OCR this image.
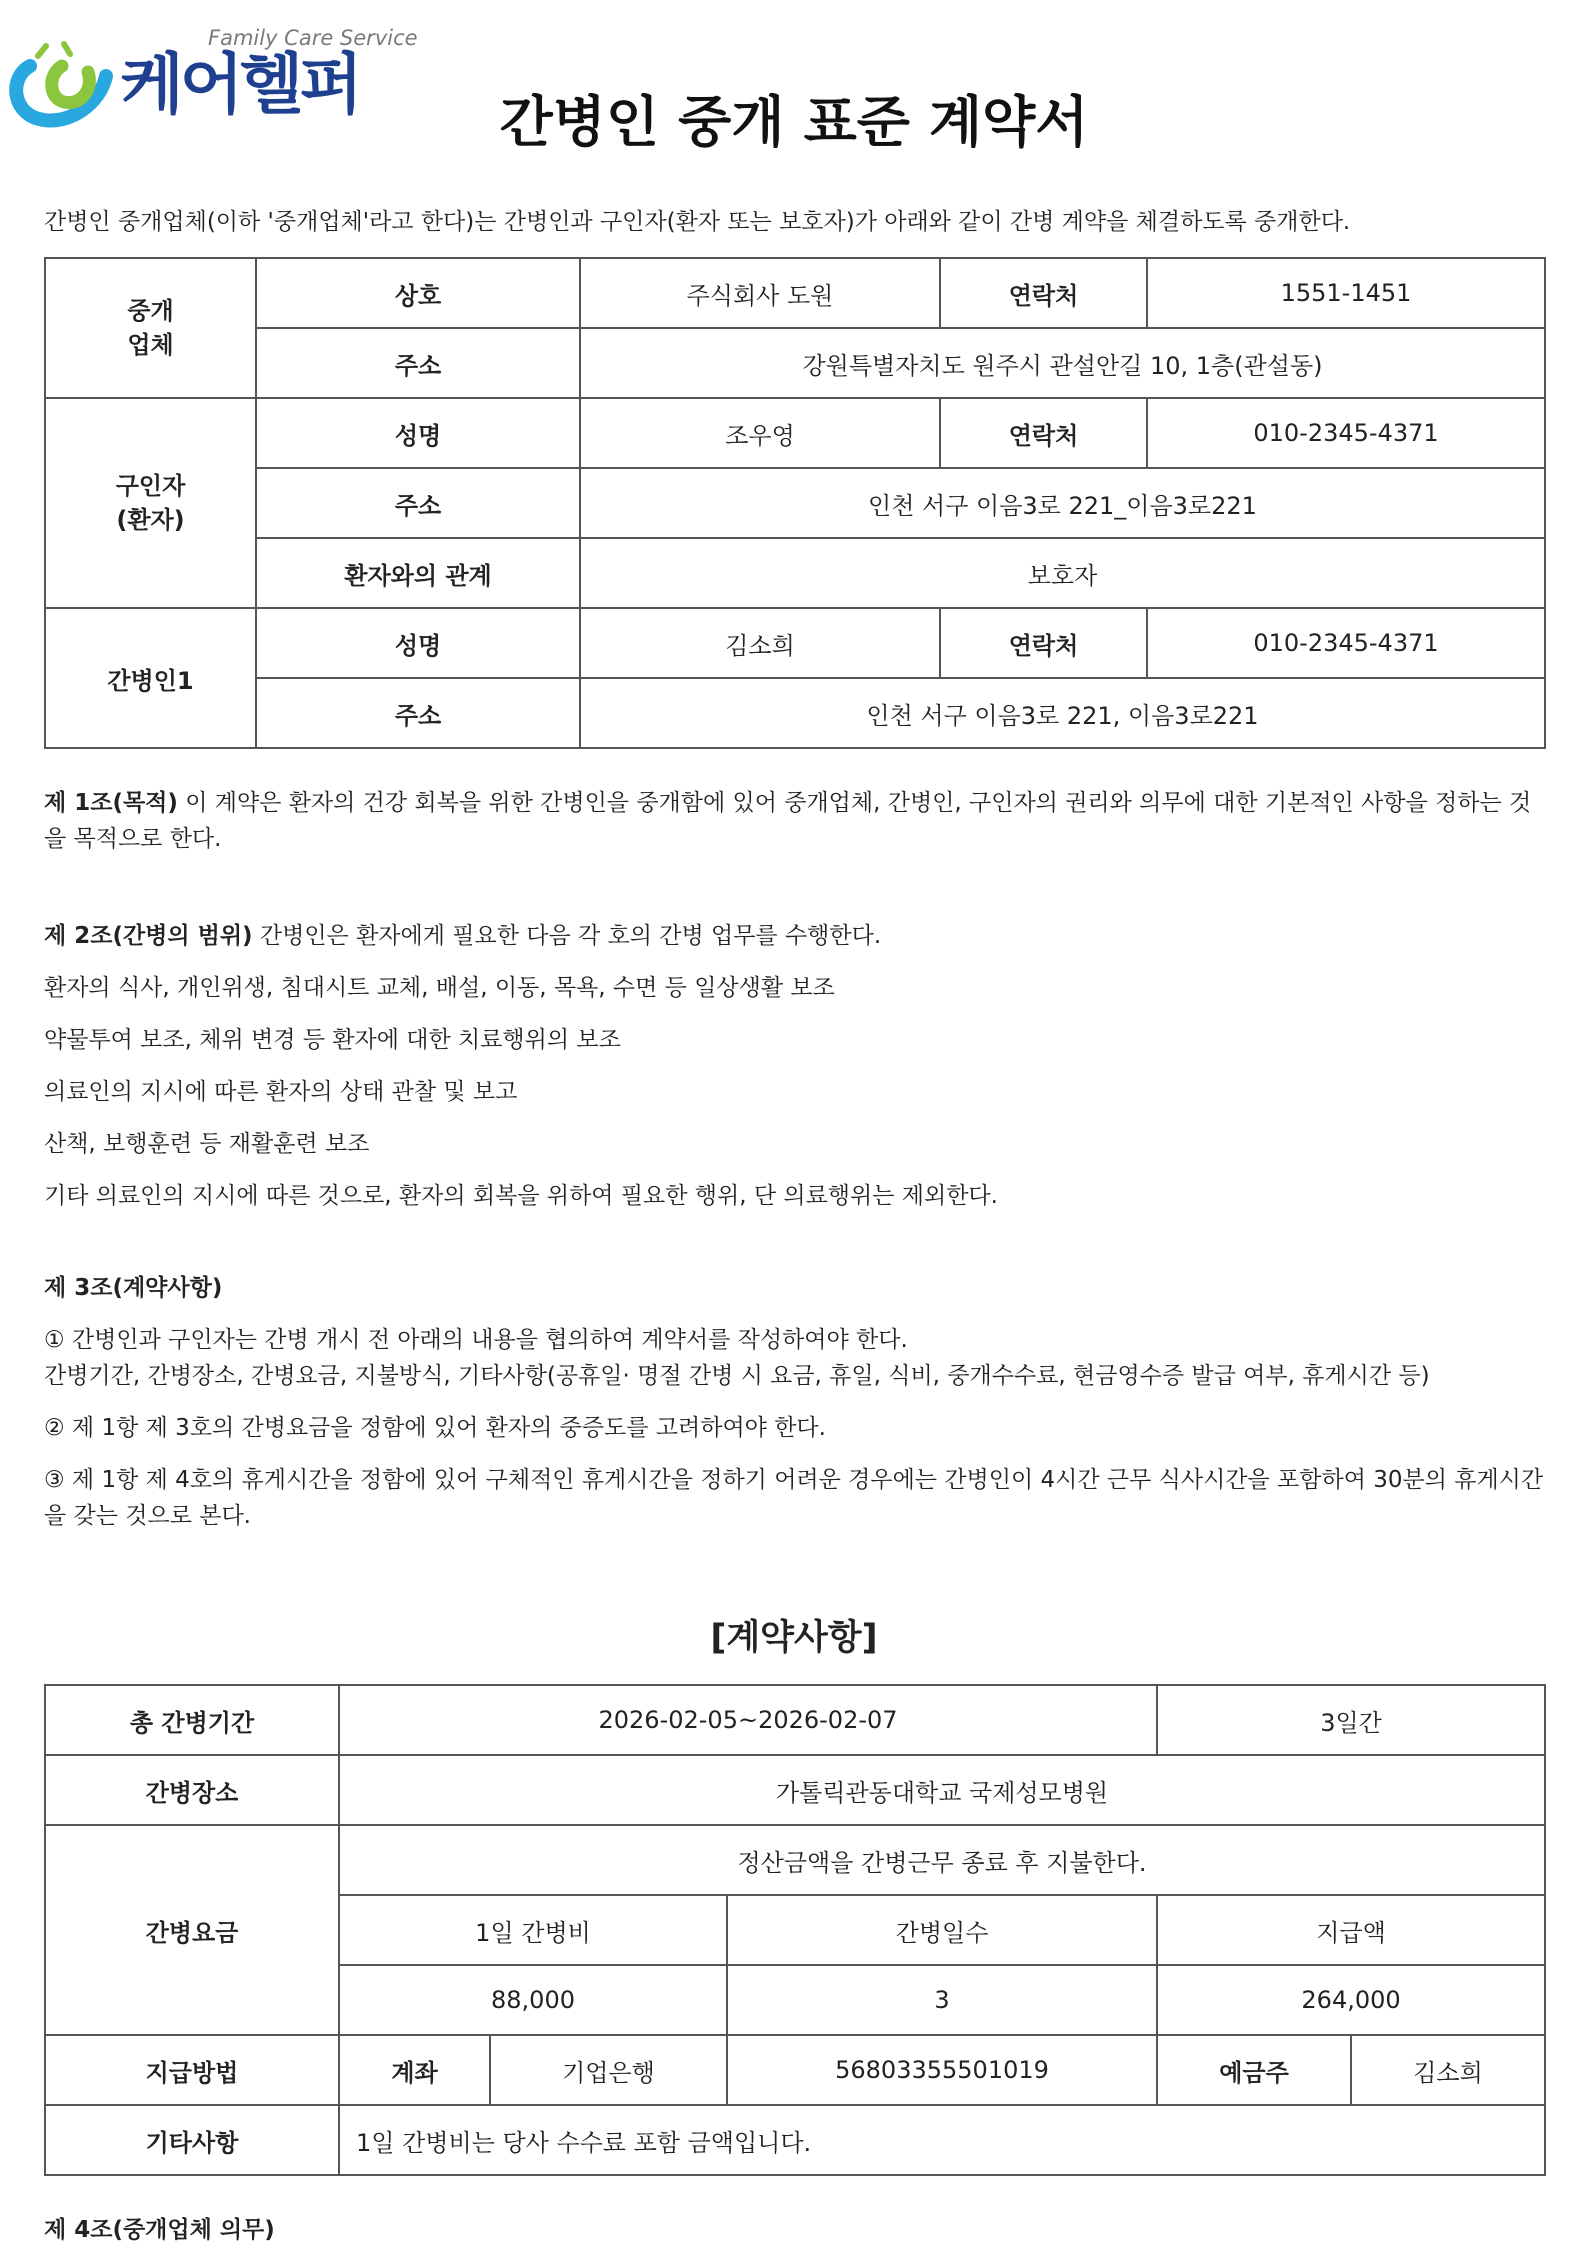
Family Care Service
케어헬퍼	간병인 중개 표준 계약서
간병인 중개업체(이하 '중개업체'라고 한다)는 간병인과 구인자(환자 또는 보호자)가 아래와 같이 간병 계약을 체결하도록 중개한다.
중개
업체	상호	주식회사 도원	연락처	1551-1451
	주소	강원특별자치도 원주시 관설안길 10, 1층(관설동)		
구인자
(환자)	성명	조우영	연락처	010-2345-4371
	주소	인천 서구 이음3로 221_이음3로221		
	환자와의 관계	보호자		
간병인1	성명	김소희	연락처	010-2345-4371
	주소	인천 서구 이음3로 221, 이음3로221		
제 1조(목적) 이 계약은 환자의 건강 회복을 위한 간병인을 중개함에 있어 중개업체, 간병인, 구인자의 권리와 의무에 대한 기본적인 사항을 정하는 것을 목적으로 한다.
제 2조(간병의 범위) 간병인은 환자에게 필요한 다음 각 호의 간병 업무를 수행한다.
환자의 식사, 개인위생, 침대시트 교체, 배설, 이동, 목욕, 수면 등 일상생활 보조
약물투여 보조, 체위 변경 등 환자에 대한 치료행위의 보조
의료인의 지시에 따른 환자의 상태 관찰 및 보고
산책, 보행훈련 등 재활훈련 보조
기타 의료인의 지시에 따른 것으로, 환자의 회복을 위하여 필요한 행위, 단 의료행위는 제외한다.
제 3조(계약사항)
① 간병인과 구인자는 간병 개시 전 아래의 내용을 협의하여 계약서를 작성하여야 한다.
간병기간, 간병장소, 간병요금, 지불방식, 기타사항(공휴일· 명절 간병 시 요금, 휴일, 식비, 중개수수료, 현금영수증 발급 여부, 휴게시간 등)
② 제 1항 제 3호의 간병요금을 정함에 있어 환자의 중증도를 고려하여야 한다.
③ 제 1항 제 4호의 휴게시간을 정함에 있어 구체적인 휴게시간을 정하기 어려운 경우에는 간병인이 4시간 근무 식사시간을 포함하여 30분의 휴게시간을 갖는 것으로 본다.
[계약사항]
총 간병기간	2026-02-05~2026-02-07			3일간	
간병장소	가톨릭관동대학교 국제성모병원				
간병요금	정산금액을 간병근무 종료 후 지불한다.				
	1일 간병비		간병일수	지급액	
	88,000		3	264,000	
지급방법	계좌	기업은행	56803355501019	예금주	김소희
기타사항	1일 간병비는 당사 수수료 포함 금액입니다.				
제 4조(중개업체 의무)
